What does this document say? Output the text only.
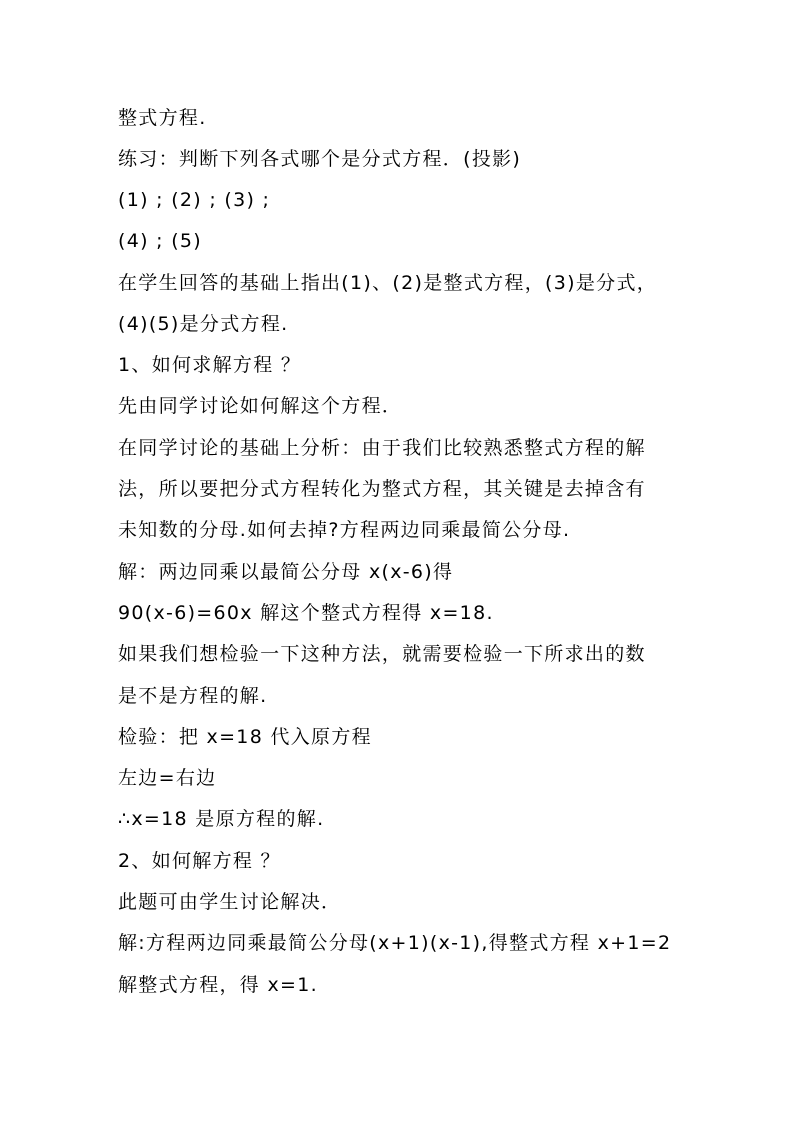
整式方程.
练习：判断下列各式哪个是分式方程．(投影)
(1) ; (2) ; (3) ;
(4) ; (5)
在学生回答的基础上指出(1)、(2)是整式方程，(3)是分式，
(4)(5)是分式方程.
1、如何求解方程 ？
先由同学讨论如何解这个方程．
在同学讨论的基础上分析：由于我们比较熟悉整式方程的解
法，所以要把分式方程转化为整式方程，其关键是去掉含有
未知数的分母.如何去掉?方程两边同乘最简公分母.
解：两边同乘以最简公分母 x(x-6)得
90(x-6)=60x 解这个整式方程得 x=18.
如果我们想检验一下这种方法，就需要检验一下所求出的数
是不是方程的解.
检验：把 x=18 代入原方程
左边=右边
∴x=18 是原方程的解.
2、如何解方程 ？
此题可由学生讨论解决．
解:方程两边同乘最简公分母(x+1)(x-1),得整式方程 x+1=2
解整式方程，得 x=1.
